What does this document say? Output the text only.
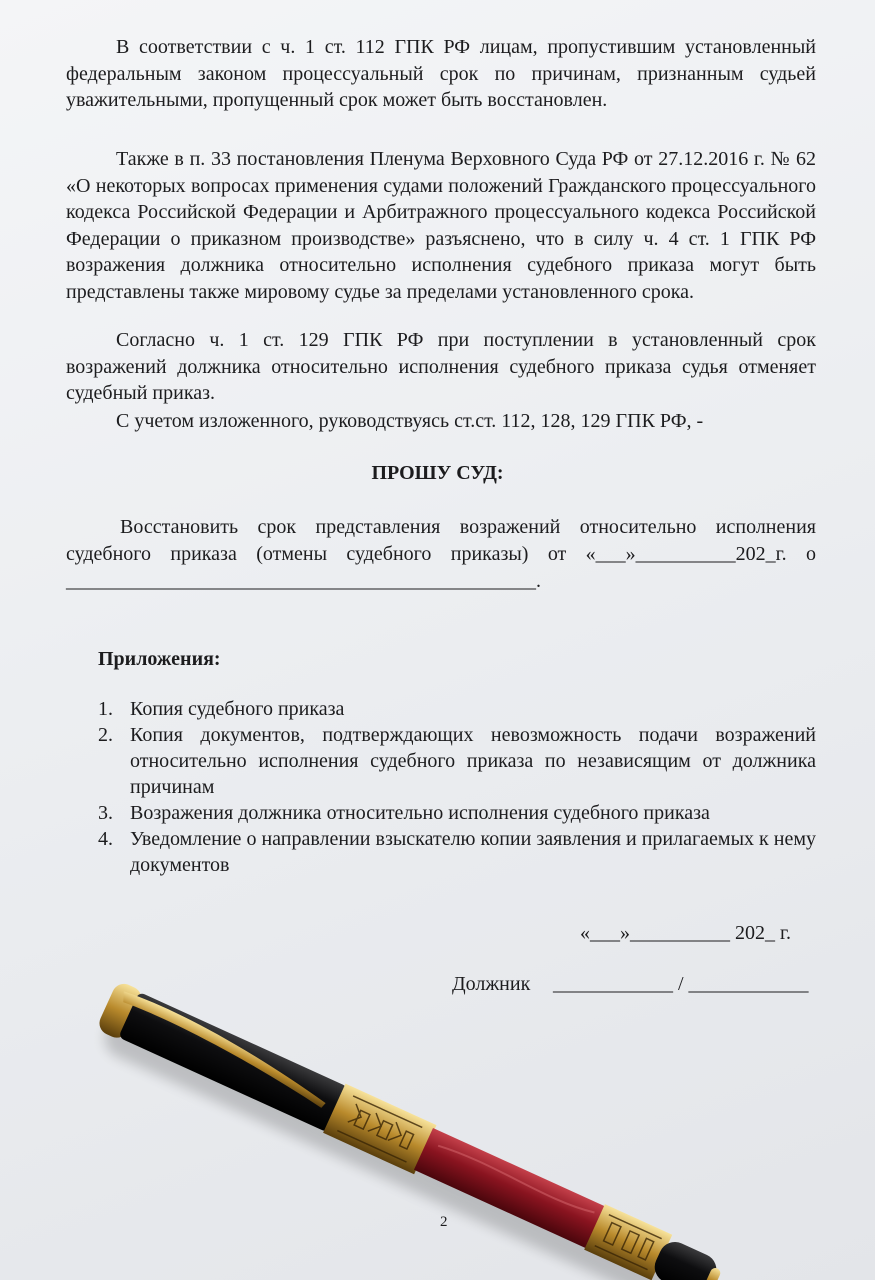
В соответствии с ч. 1 ст. 112 ГПК РФ лицам, пропустившим установленный федеральным законом процессуальный срок по причинам, признанным судьей уважительными, пропущенный срок может быть восстановлен.

Также в п. 33 постановления Пленума Верховного Суда РФ от 27.12.2016 г. № 62 «О некоторых вопросах применения судами положений Гражданского процессуального кодекса Российской Федерации и Арбитражного процессуального кодекса Российской Федерации о приказном производстве» разъяснено, что в силу ч. 4 ст. 1 ГПК РФ возражения должника относительно исполнения судебного приказа могут быть представлены также мировому судье за пределами установленного срока.

Согласно ч. 1 ст. 129 ГПК РФ при поступлении в установленный срок возражений должника относительно исполнения судебного приказа судья отменяет судебный приказ.

С учетом изложенного, руководствуясь ст.ст. 112, 128, 129 ГПК РФ, -

ПРОШУ СУД:

Восстановить срок представления возражений относительно исполнения судебного приказа (отмены судебного приказы) от «___»__________202_г. о _______________________________________________.

Приложения:

1. Копия судебного приказа
2. Копия документов, подтверждающих невозможность подачи возражений относительно исполнения судебного приказа по независящим от должника причинам
3. Возражения должника относительно исполнения судебного приказа
4. Уведомление о направлении взыскателю копии заявления и прилагаемых к нему документов

«___»__________ 202_ г.

Должник ____________ / ____________

2
